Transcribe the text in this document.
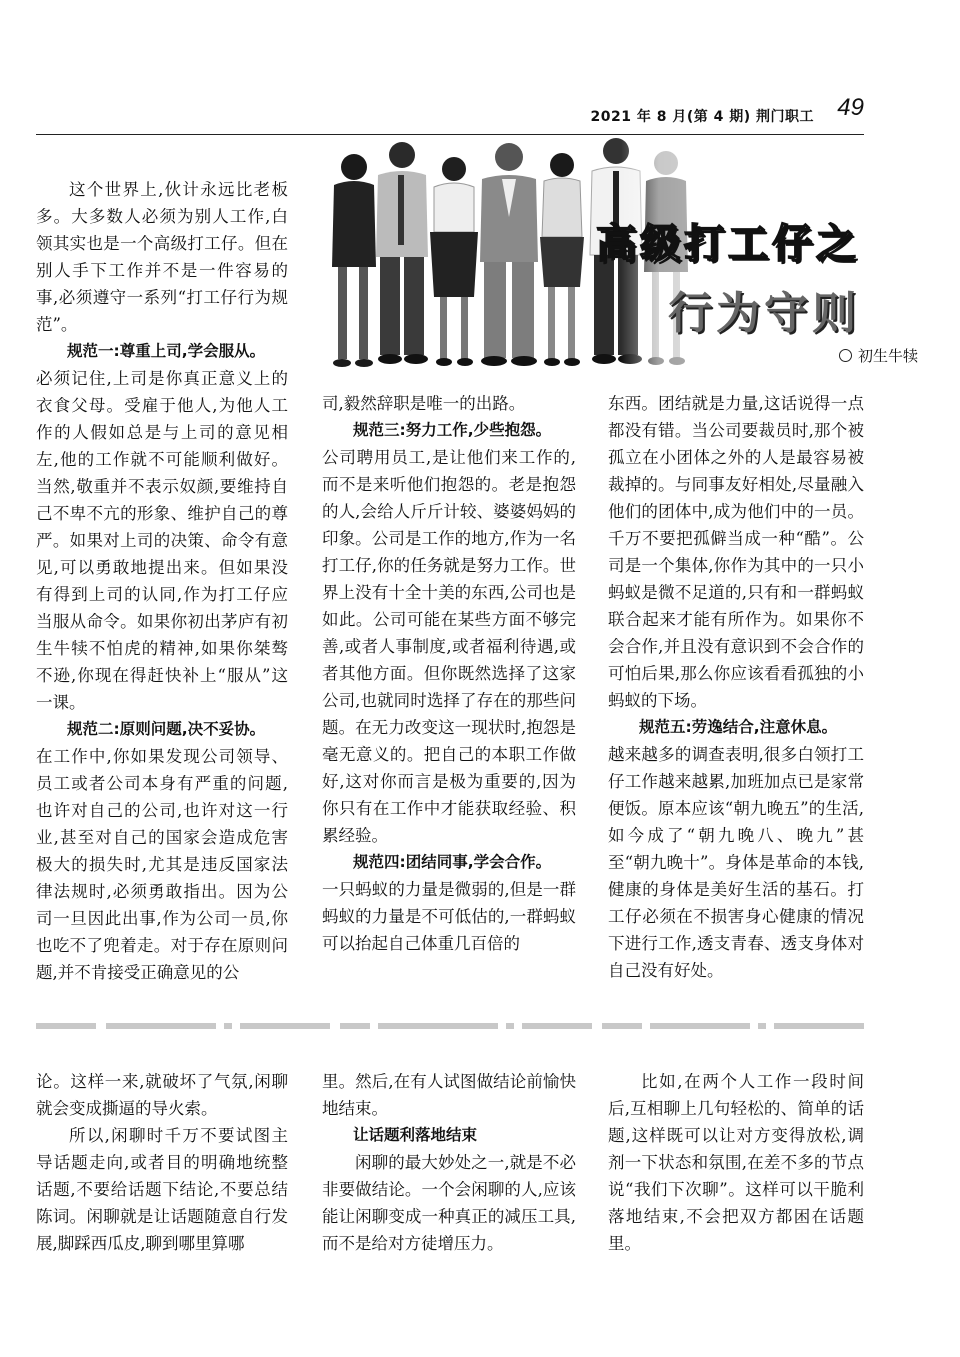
2021 年 8 月(第 4 期) 荆门职工 49
高级打工仔之
行为守则
初生牛犊

这个世界上,伙计永远比老板多。大多数人必须为别人工作,白领其实也是一个高级打工仔。但在别人手下工作并不是一件容易的事,必须遵守一系列“打工仔行为规范”。

规范一:尊重上司,学会服从。

必须记住,上司是你真正意义上的衣食父母。受雇于他人,为他人工作的人假如总是与上司的意见相左,他的工作就不可能顺利做好。当然,敬重并不表示奴颜,要维持自己不卑不亢的形象、维护自己的尊严。如果对上司的决策、命令有意见,可以勇敢地提出来。但如果没有得到上司的认同,作为打工仔应当服从命令。如果你初出茅庐有初生牛犊不怕虎的精神,如果你桀骜不逊,你现在得赶快补上“服从”这一课。

规范二:原则问题,决不妥协。

在工作中,你如果发现公司领导、员工或者公司本身有严重的问题,也许对自己的公司,也许对这一行业,甚至对自己的国家会造成危害极大的损失时,尤其是违反国家法律法规时,必须勇敢指出。因为公司一旦因此出事,作为公司一员,你也吃不了兜着走。对于存在原则问题,并不肯接受正确意见的公

司,毅然辞职是唯一的出路。

规范三:努力工作,少些抱怨。

公司聘用员工,是让他们来工作的,而不是来听他们抱怨的。老是抱怨的人,会给人斤斤计较、婆婆妈妈的印象。公司是工作的地方,作为一名打工仔,你的任务就是努力工作。世界上没有十全十美的东西,公司也是如此。公司可能在某些方面不够完善,或者人事制度,或者福利待遇,或者其他方面。但你既然选择了这家公司,也就同时选择了存在的那些问题。在无力改变这一现状时,抱怨是毫无意义的。把自己的本职工作做好,这对你而言是极为重要的,因为你只有在工作中才能获取经验、积累经验。

规范四:团结同事,学会合作。

一只蚂蚁的力量是微弱的,但是一群蚂蚁的力量是不可低估的,一群蚂蚁可以抬起自己体重几百倍的

东西。团结就是力量,这话说得一点都没有错。当公司要裁员时,那个被孤立在小团体之外的人是最容易被裁掉的。与同事友好相处,尽量融入他们的团体中,成为他们中的一员。千万不要把孤僻当成一种“酷”。公司是一个集体,你作为其中的一只小蚂蚁是微不足道的,只有和一群蚂蚁联合起来才能有所作为。如果你不会合作,并且没有意识到不会合作的可怕后果,那么你应该看看孤独的小蚂蚁的下场。

规范五:劳逸结合,注意休息。

越来越多的调查表明,很多白领打工仔工作越来越累,加班加点已是家常便饭。原本应该“朝九晚五”的生活,如今成了“朝九晚八、晚九”甚至“朝九晚十”。身体是革命的本钱,健康的身体是美好生活的基石。打工仔必须在不损害身心健康的情况下进行工作,透支青春、透支身体对自己没有好处。

论。这样一来,就破坏了气氛,闲聊就会变成撕逼的导火索。

所以,闲聊时千万不要试图主导话题走向,或者目的明确地统整话题,不要给话题下结论,不要总结陈词。闲聊就是让话题随意自行发展,脚踩西瓜皮,聊到哪里算哪

里。然后,在有人试图做结论前愉快地结束。

让话题利落地结束

闲聊的最大妙处之一,就是不必非要做结论。一个会闲聊的人,应该能让闲聊变成一种真正的减压工具,而不是给对方徒增压力。

比如,在两个人工作一段时间后,互相聊上几句轻松的、简单的话题,这样既可以让对方变得放松,调剂一下状态和氛围,在差不多的节点说“我们下次聊”。这样可以干脆利落地结束,不会把双方都困在话题里。
